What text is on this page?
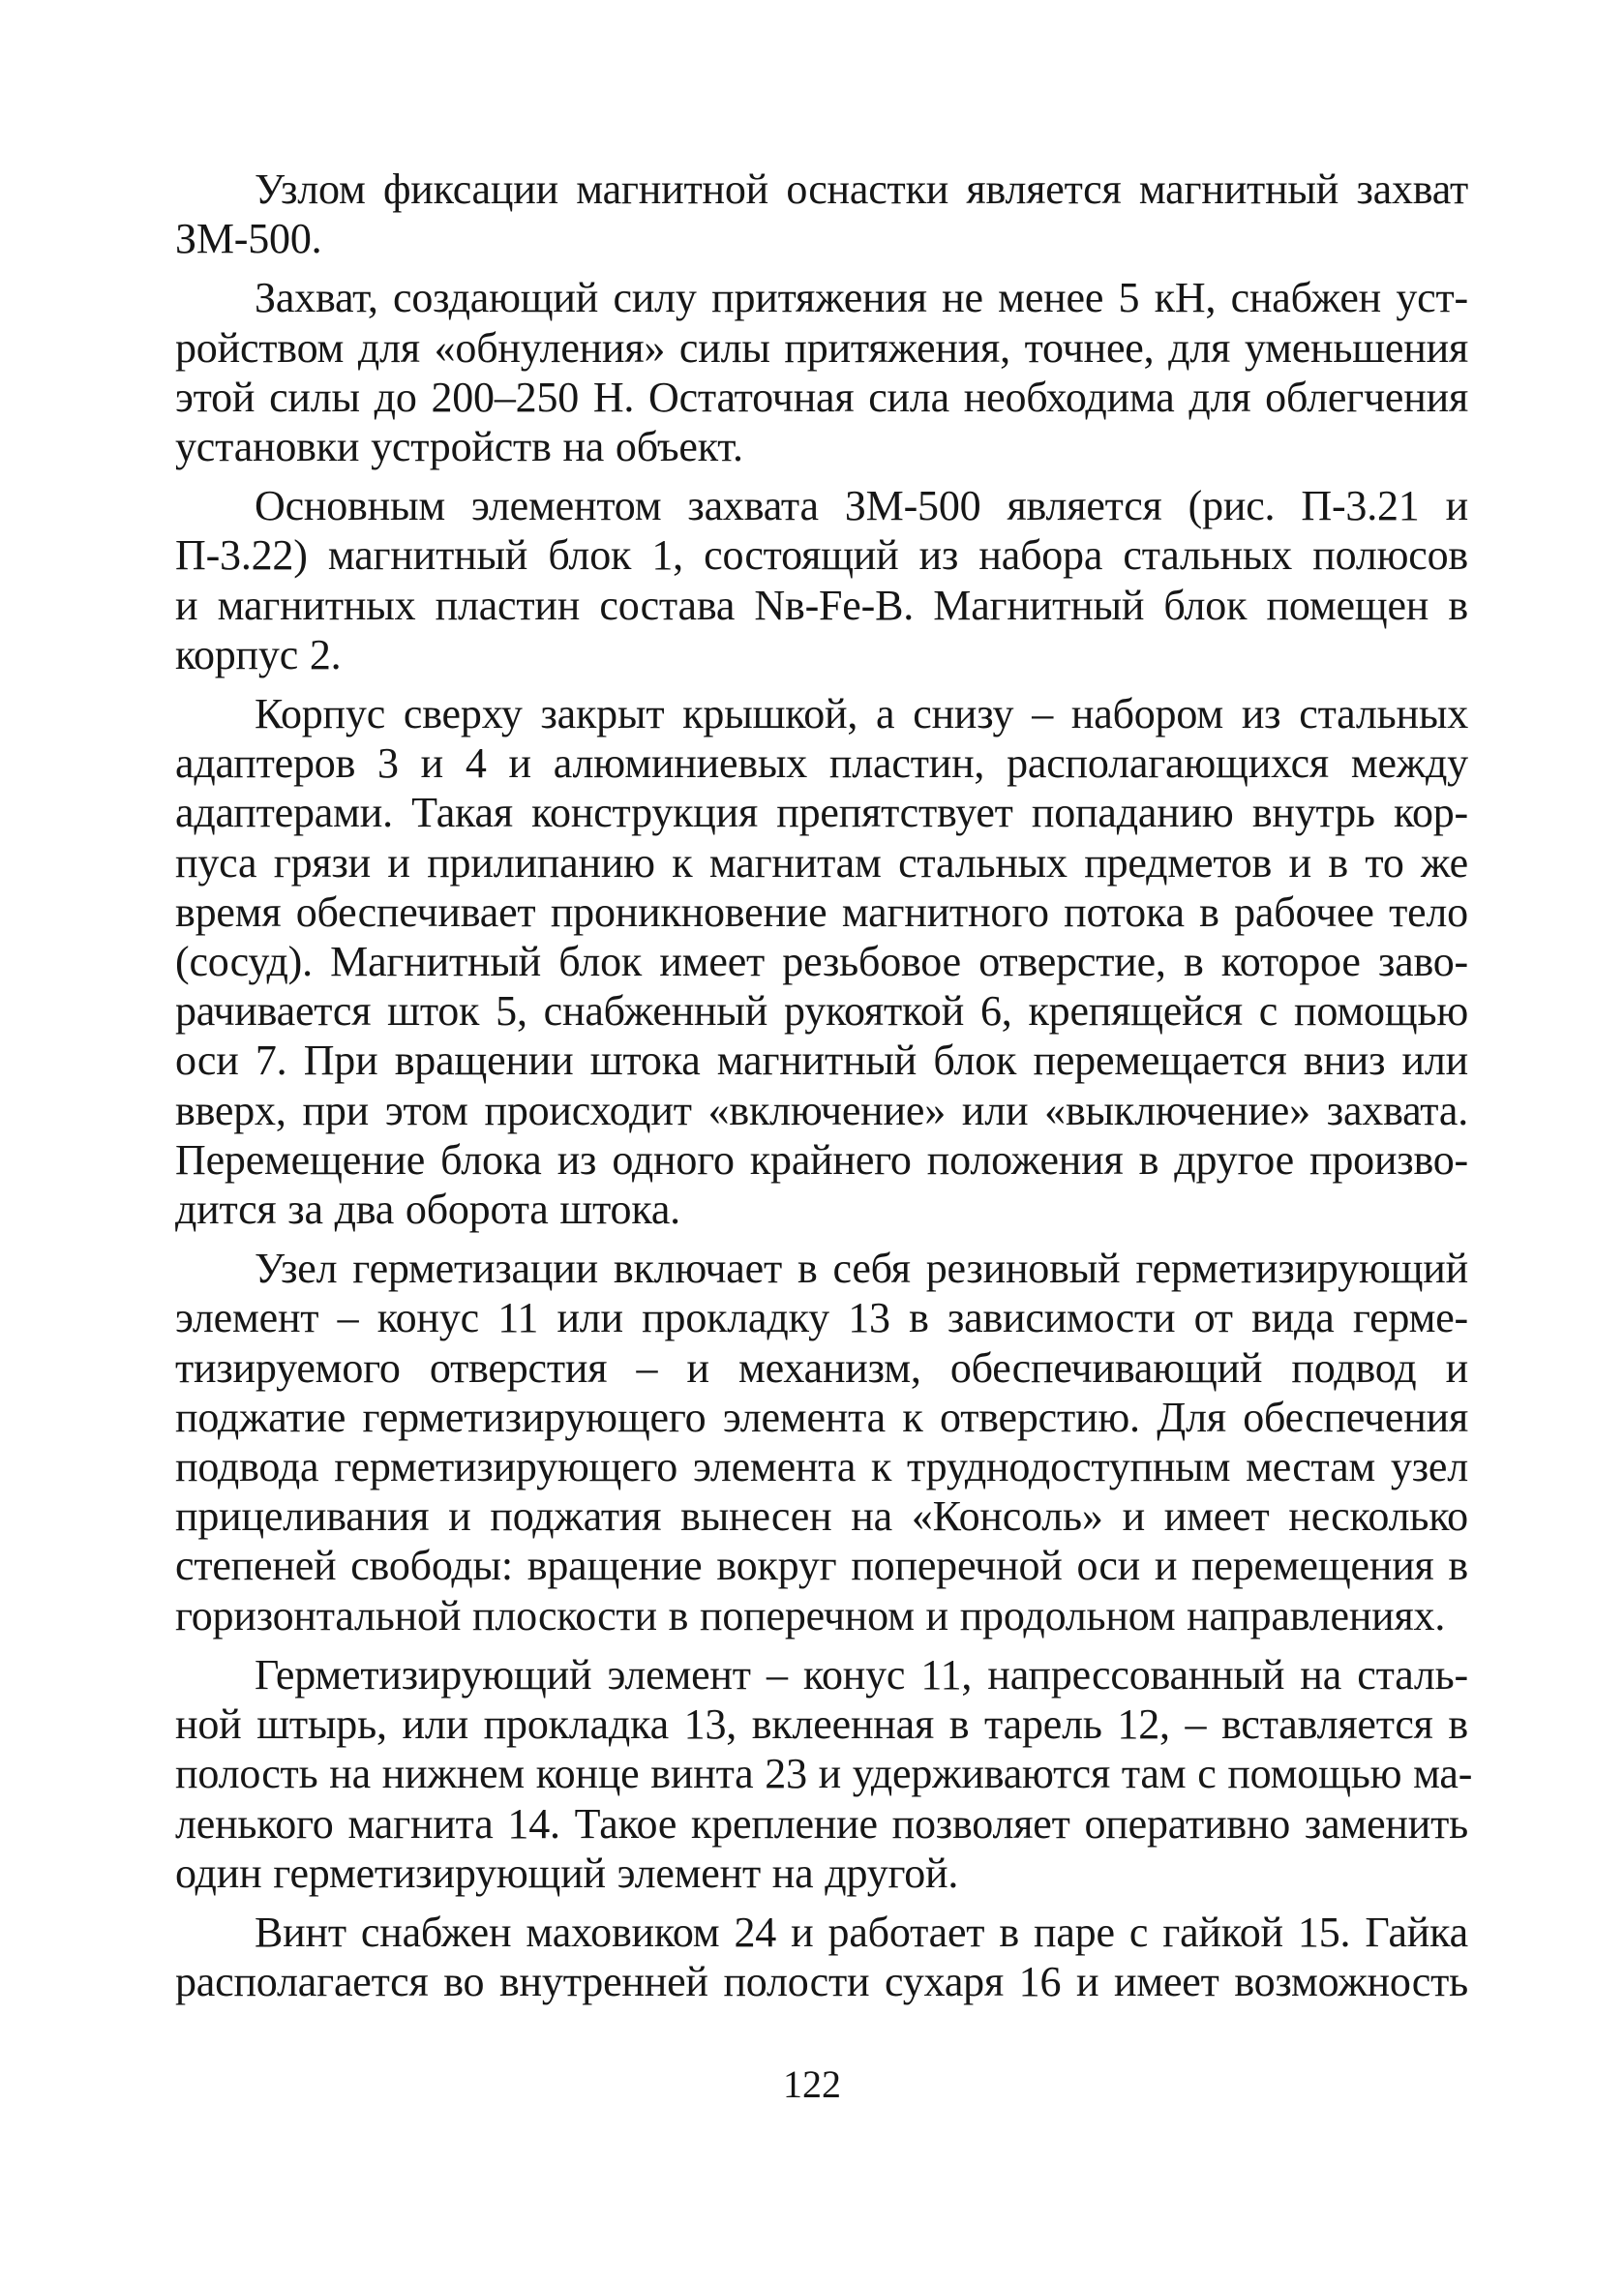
Узлом фиксации магнитной оснастки является магнитный захват
ЗМ-500.
Захват, создающий силу притяжения не менее 5 кН, снабжен уст-
ройством для «обнуления» силы притяжения, точнее, для уменьшения
этой силы до 200–250 Н. Остаточная сила необходима для облегчения
установки устройств на объект.
Основным элементом захвата ЗМ-500 является (рис. П-3.21 и
П-3.22) магнитный блок 1, состоящий из набора стальных полюсов
и магнитных пластин состава Nв-Fe-B. Магнитный блок помещен в
корпус 2.
Корпус сверху закрыт крышкой, а снизу – набором из стальных
адаптеров 3 и 4 и алюминиевых пластин, располагающихся между
адаптерами. Такая конструкция препятствует попаданию внутрь кор-
пуса грязи и прилипанию к магнитам стальных предметов и в то же
время обеспечивает проникновение магнитного потока в рабочее тело
(сосуд). Магнитный блок имеет резьбовое отверстие, в которое заво-
рачивается шток 5, снабженный рукояткой 6, крепящейся с помощью
оси 7. При вращении штока магнитный блок перемещается вниз или
вверх, при этом происходит «включение» или «выключение» захвата.
Перемещение блока из одного крайнего положения в другое произво-
дится за два оборота штока.
Узел герметизации включает в себя резиновый герметизирующий
элемент – конус 11 или прокладку 13 в зависимости от вида герме-
тизируемого отверстия – и механизм, обеспечивающий подвод и
поджатие герметизирующего элемента к отверстию. Для обеспечения
подвода герметизирующего элемента к труднодоступным местам узел
прицеливания и поджатия вынесен на «Консоль» и имеет несколько
степеней свободы: вращение вокруг поперечной оси и перемещения в
горизонтальной плоскости в поперечном и продольном направлениях.
Герметизирующий элемент – конус 11, напрессованный на сталь-
ной штырь, или прокладка 13, вклеенная в тарель 12, – вставляется в
полость на нижнем конце винта 23 и удерживаются там с помощью ма-
ленького магнита 14. Такое крепление позволяет оперативно заменить
один герметизирующий элемент на другой.
Винт снабжен маховиком 24 и работает в паре с гайкой 15. Гайка
располагается во внутренней полости сухаря 16 и имеет возможность
122
